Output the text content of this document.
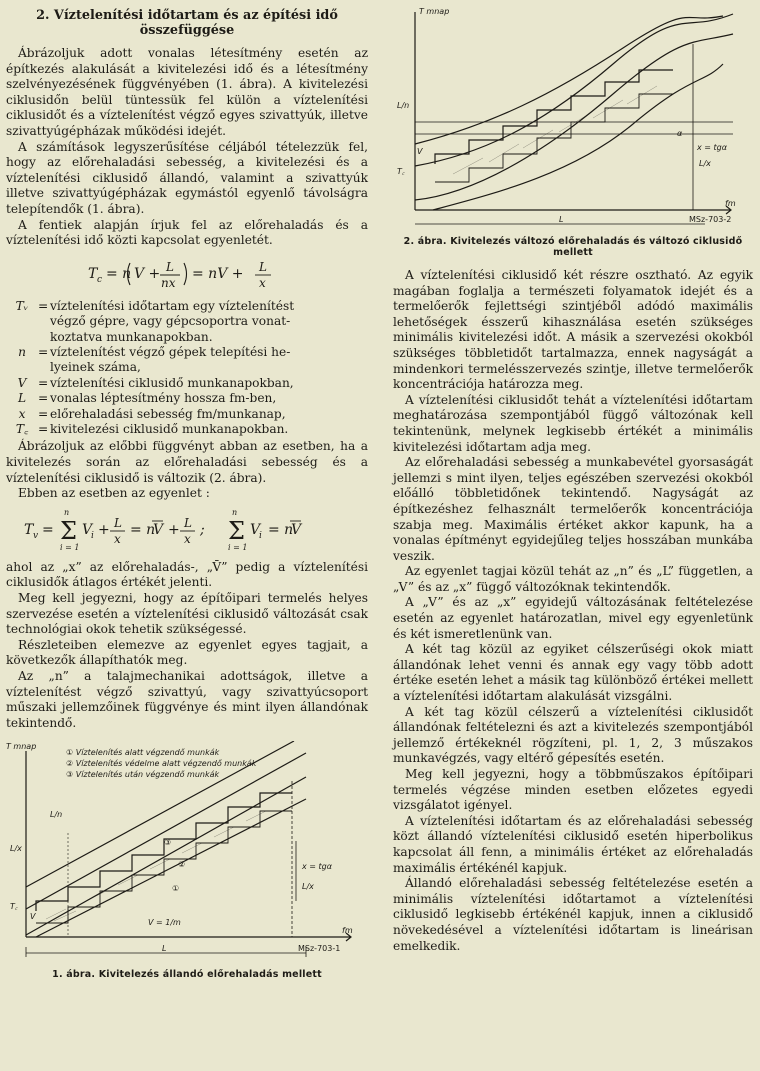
2. Víztelenítési időtartam és az építési idő
összefüggése

Ábrázoljuk adott vonalas létesítmény esetén az építkezés alakulását a kivitelezési idő és a létesítmény szelvényezésének függvényében (1. ábra). A kivitelezési ciklusidőn belül tüntessük fel külön a víztelenítési ciklusidőt és a víztelenítést végző egyes szivattyúk, illetve szivattyúgépházak működési idejét.

A számítások legyszerűsítése céljából tételezzük fel, hogy az előrehaladási sebesség, a kivitelezési és a víztelenítési ciklusidő állandó, valamint a szivattyúk illetve szivattyúgépházak egymástól egyenlő távolságra telepítendők (1. ábra).

A fentiek alapján írjuk fel az előrehaladás és a víztelenítési idő közti kapcsolat egyenletét.

T c = n V + L
nx
= nV + L
x
Tᵥ = víztelenítési időtartam egy víztelenítést
végző gépre, vagy gépcsoportra vonat-
koztatva munkanapokban.
n = víztelenítést végző gépek telepítési he-
lyeinek száma,
V = víztelenítési ciklusidő munkanapokban,
L = vonalas léptesítmény hossza fm-ben,
x	= előrehaladási sebesség fm/munkanap,
T꜀ = kivitelezési ciklusidő munkanapokban.

Ábrázoljuk az előbbi függvényt abban az esetben, ha a kivitelezés során az előrehaladási sebesség és a víztelenítési ciklusidő is változik (2. ábra).

Ebben az esetben az egyenlet :

T v = Σ
n
i = 1
V
i + L
x
= n
V + L
x
; Σ
n
i = 1
V
i = n
V

ahol az „x” az előrehaladás-, „V̄” pedig a víztelenítési ciklusidők átlagos értékét jelenti.

Meg kell jegyezni, hogy az építőipari termelés helyes szervezése esetén a víztelenítési ciklusidő változását csak technológiai okok tehetik szükségessé.

Részleteiben elemezve az egyenlet egyes tagjait, a következők állapíthatók meg.

Az „n” a talajmechanikai adottságok, illetve a víztelenítést végző szivattyú, vagy szivattyúcsoport műszaki jellemzőinek függvénye és mint ilyen állandónak tekintendő.

T mnap
① Víztelenítés alatt végzendő munkák
② Víztelenítés védelme alatt végzendő munkák
③ Víztelenítés után végzendő munkák
L/n
L/x
T꜀
V
V = 1/m
x = tgα
L/x
fm
L	MSz-703-1
③
②
①
1. ábra. Kivitelezés állandó előrehaladás mellett
T mnap
L/n
T꜀
V
α
x = tgα
L/x
fm
L	MSz-703-2
2. ábra. Kivitelezés változó előrehaladás és változó ciklusidő mellett

A víztelenítési ciklusidő két részre osztható. Az egyik magában foglalja a természeti folyamatok idejét és a termelőerők fejlettségi szintjéből adódó maximális lehetőségek ésszerű kihasználása esetén szükséges minimális kivitelezési időt. A másik a szervezési okokból szükséges többletidőt tartalmazza, ennek nagyságát a mindenkori termelésszervezés szintje, illetve termelőerők koncentrációja határozza meg.

A víztelenítési ciklusidőt tehát a víztelenítési időtartam meghatározása szempontjából függő változónak kell tekintenünk, melynek legkisebb értékét a minimális kivitelezési időtartam adja meg.

Az előrehaladási sebesség a munkabevétel gyorsaságát jellemzi s mint ilyen, teljes egészében szervezési okokból előálló többletidőnek tekintendő. Nagyságát az építkezéshez felhasznált termelőerők koncentrációja szabja meg. Maximális értéket akkor kapunk, ha a vonalas építményt egyidejűleg teljes hosszában munkába veszik.

Az egyenlet tagjai közül tehát az „n” és „L” független, a „V” és az „x” függő változóknak tekintendők.

A „V” és az „x” egyidejű változásának feltételezése esetén az egyenlet határozatlan, mivel egy egyenletünk és két ismeretlenünk van.

A két tag közül az egyiket célszerűségi okok miatt állandónak lehet venni és annak egy vagy több adott értéke esetén lehet a másik tag különböző értékei mellett a víztelenítési időtartam alakulását vizsgálni.

A két tag közül célszerű a víztelenítési ciklusidőt állandónak feltételezni és azt a kivitelezés szempontjából jellemző értékeknél rögzíteni, pl. 1, 2, 3 műszakos munkavégzés, vagy eltérő gépesítés esetén.

Meg kell jegyezni, hogy a többműszakos építőipari termelés végzése minden esetben előzetes egyedi vizsgálatot igényel.

A víztelenítési időtartam és az előrehaladási sebesség közt állandó víztelenítési ciklusidő esetén hiperbolikus kapcsolat áll fenn, a minimális értéket az előrehaladás maximális értékénél kapjuk.

Állandó előrehaladási sebesség feltételezése esetén a minimális víztelenítési időtartamot a víztelenítési ciklusidő legkisebb értékénél kapjuk, innen a ciklusidő növekedésével a víztelenítési időtartam is lineárisan emelkedik.
